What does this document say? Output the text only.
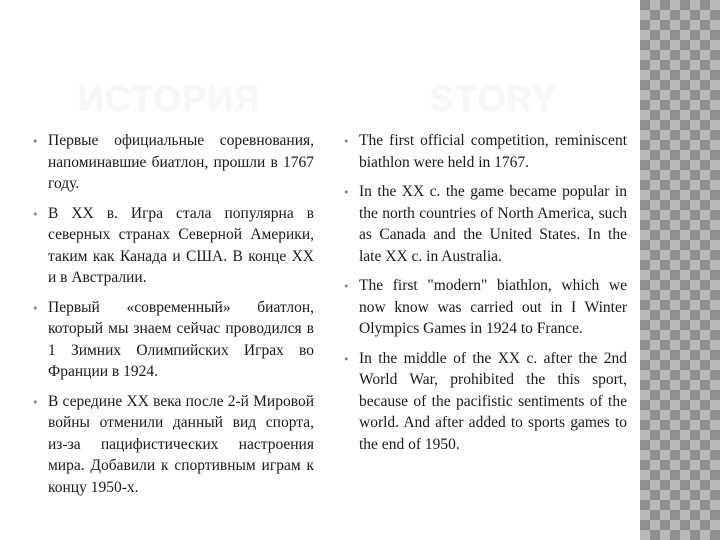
ИСТОРИЯ	STORY
• Первые официальные соревнования, напоминавшие биатлон, прошли в 1767 году.
• В XX в. Игра стала популярна в северных странах Северной Америки, таким как Канада и США. В конце XX и в Австралии.
• Первый «современный» биатлон, который мы знаем сейчас проводился в 1 Зимних Олимпийских Играх во Франции в 1924.
• В середине XX века после 2-й Мировой войны отменили данный вид спорта, из-за пацифистических настроения мира. Добавили к спортивным играм к концу 1950-х.
• The first official competition, reminiscent biathlon were held in 1767.
• In the XX c. the game became popular in the north countries of North America, such as Canada and the United States. In the late XX c. in Australia.
• The first "modern" biathlon, which we now know was carried out in I Winter Olympics Games in 1924 to France.
• In the middle of the XX c. after the 2nd World War, prohibited the this sport, because of the pacifistic sentiments of the world. And after added to sports games to the end of 1950.
